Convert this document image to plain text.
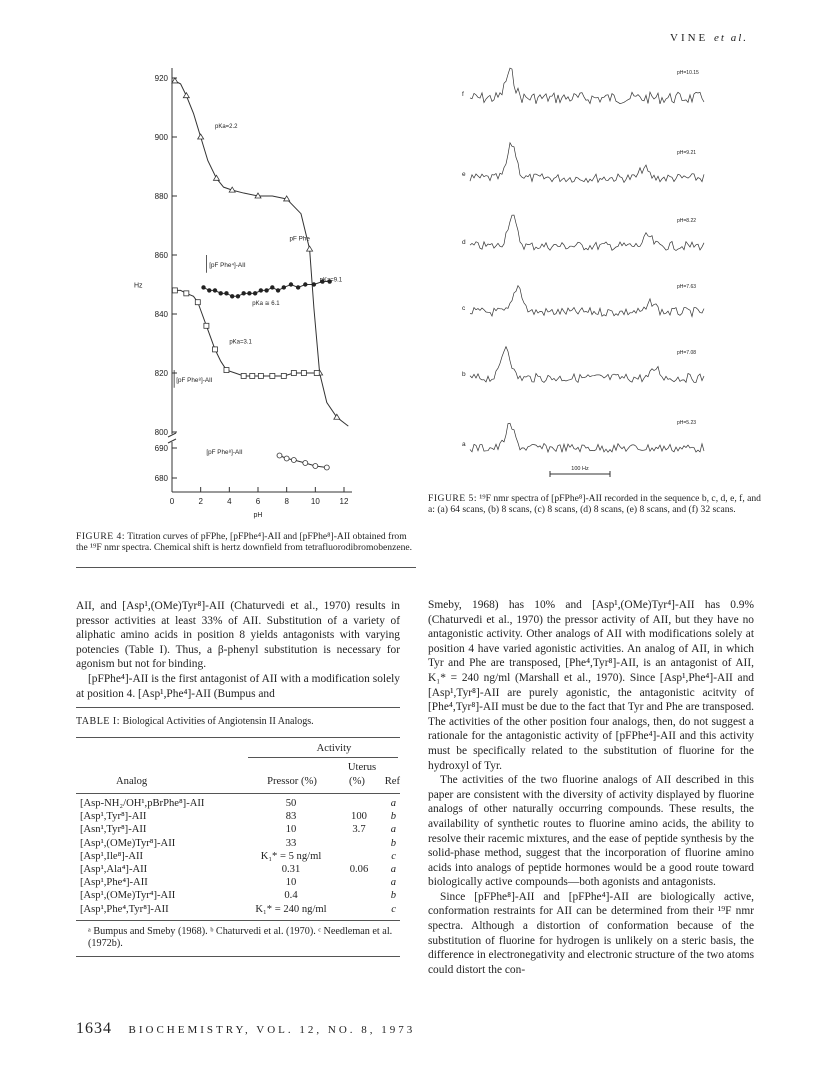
VINE et al.
920
900
880
860
840
820
800
690
680
0	2	4	6	8	10 12
pH
Hz
pKa=2.2
pKa=9.1
pKa ≅ 6.1
pKa=3.1
pF Phe
[pF Phe⁴]-AII
[pF Phe⁸]-AII
[pF Phe⁸]-AII
FIGURE 4: Titration curves of pFPhe, [pFPhe⁴]-AII and [pFPhe⁸]-AII obtained from the ¹⁹F nmr spectra. Chemical shift is hertz downfield from tetrafluorodibromobenzene.
f
pH=10.15
e
pH=9.21
d
pH=8.22
c
pH=7.63
b
pH=7.08
a
pH=5.23
100 Hz
FIGURE 5: ¹⁹F nmr spectra of [pFPhe⁸]-AII recorded in the sequence b, c, d, e, f, and a: (a) 64 scans, (b) 8 scans, (c) 8 scans, (d) 8 scans, (e) 8 scans, and (f) 32 scans.

AII, and [Asp¹,(OMe)Tyr⁸]-AII (Chaturvedi et al., 1970) results in pressor activities at least 33% of AII. Substitution of a variety of aliphatic amino acids in position 8 yields antagonists with varying potencies (Table I). Thus, a β-phenyl substitution is necessary for agonism but not for binding.

[pFPhe⁴]-AII is the first antagonist of AII with a modification solely at position 4. [Asp¹,Phe⁴]-AII (Bumpus and

TABLE I: Biological Activities of Angiotensin II Analogs.
Activity
Uterus
Analog	Pressor (%)	(%)	Ref
[Asp-NH₂/OH¹,pBrPhe⁸]-AII	50		a
[Asp¹,Tyr⁸]-AII	83	100	b
[Asn¹,Tyr⁸]-AII	10	3.7	a
[Asp¹,(OMe)Tyr⁸]-AII	33		b
[Asp¹,Ile⁸]-AII	K₁* = 5 ng/ml		c
[Asp¹,Ala⁴]-AII	0.31	0.06	a
[Asp¹,Phe⁴]-AII	10		a
[Asp¹,(OMe)Tyr⁴]-AII	0.4		b
[Asp¹,Phe⁴,Tyr⁸]-AII	K₁* = 240 ng/ml		c
ᵃ Bumpus and Smeby (1968). ᵇ Chaturvedi et al. (1970). ᶜ Needleman et al. (1972b).

Smeby, 1968) has 10% and [Asp¹,(OMe)Tyr⁴]-AII has 0.9% (Chaturvedi et al., 1970) the pressor activity of AII, but they have no antagonistic activity. Other analogs of AII with modifications solely at position 4 have varied agonistic activities. An analog of AII, in which Tyr and Phe are transposed, [Phe⁴,Tyr⁸]-AII, is an antagonist of AII, K₁* = 240 ng/ml (Marshall et al., 1970). Since [Asp¹,Phe⁴]-AII and [Asp¹,Tyr⁸]-AII are purely agonistic, the antagonistic acitvity of [Phe⁴,Tyr⁸]-AII must be due to the fact that Tyr and Phe are transposed. The activities of the other position four analogs, then, do not suggest a rationale for the antagonistic activity of [pFPhe⁴]-AII and this activity must be specifically related to the substitution of fluorine for the hydroxyl of Tyr.

The activities of the two fluorine analogs of AII described in this paper are consistent with the diversity of activity displayed by fluorine analogs of other naturally occurring compounds. These results, the availability of synthetic routes to fluorine amino acids, the ability to resolve their racemic mixtures, and the ease of peptide synthesis by the solid-phase method, suggest that the incorporation of fluorine amino acids into analogs of peptide hormones would be a good route toward biologically active compounds—both agonists and antagonists.

Since [pFPhe⁸]-AII and [pFPhe⁴]-AII are biologically active, conformation restraints for AII can be determined from their ¹⁹F nmr spectra. Although a distortion of conformation because of the substitution of fluorine for hydrogen is unlikely on a steric basis, the difference in electronegativity and electronic structure of the two atoms could distort the con-

1634 BIOCHEMISTRY, VOL. 12, NO. 8, 1973
